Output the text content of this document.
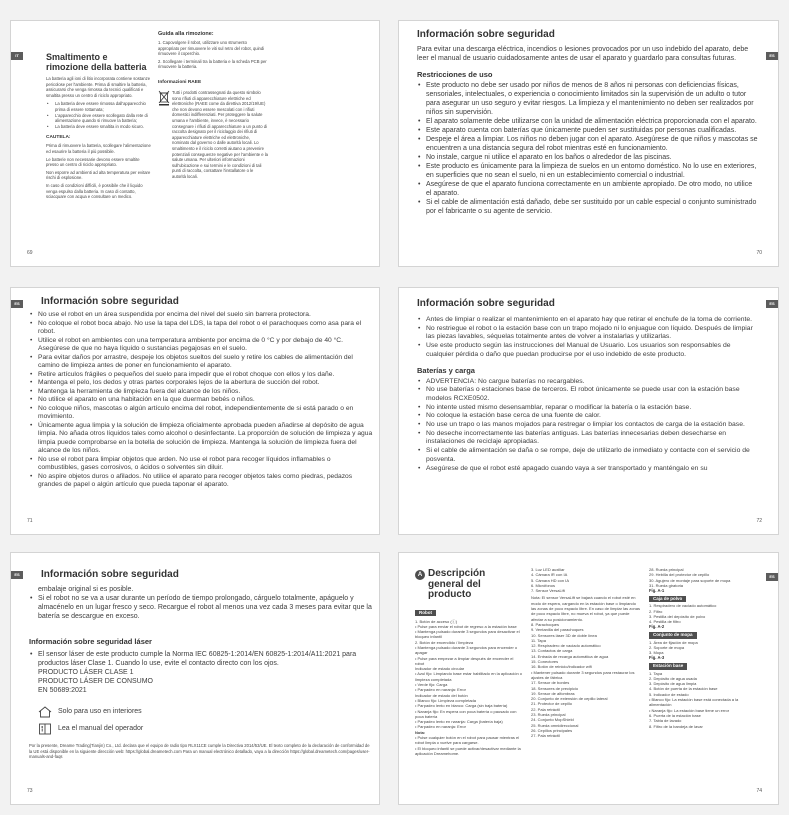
IT	Smaltimento e rimozione della batteria
La batteria agli ioni di litio incorporata contiene sostanze pericolose per l'ambiente. Prima di smaltire la batteria, assicurarsi che venga rimossa da tecnici qualificati e smaltita presso un centro di riciclo appropriato.
• La batteria deve essere rimossa dall'apparecchio prima di essere rottamata;
• L'apparecchio deve essere scollegato dalla rete di alimentazione quando si rimuove la batteria;
• La batteria deve essere smaltita in modo sicuro.
CAUTELA:
Prima di rimuovere la batteria, scollegare l'alimentazione ed esaurire la batteria il più possibile.
Le batterie non necessarie devono essere smaltite presso un centro di riciclo appropriato.
Non esporre ad ambienti ad alta temperatura per evitare rischi di esplosione.
In caso di condizioni difficili, è possibile che il liquido venga espulso dalla batteria. In caso di contatto, sciacquare con acqua e consultare un medico.
Guida alla rimozione:
1. Capovolgere il robot, utilizzare uno strumento appropriato per rimuovere le viti sul retro del robot, quindi rimuovere il coperchio.
2. Scollegare i terminali tra la batteria e la scheda PCB per rimuovere la batteria.
Informazioni RAEE
Tutti i prodotti contrassegnati da questo simbolo sono rifiuti di apparecchiature elettriche ed elettroniche (RAEE come da direttiva 2012/19/UE) che non devono essere mescolati con i rifiuti domestici indifferenziati. Per proteggere la salute umana e l'ambiente, invece, è necessario consegnare i rifiuti di apparecchiature a un punto di raccolta designato per il riciclaggio dei rifiuti di apparecchiature elettriche ed elettroniche, nominato dal governo o dalle autorità locali. Lo smaltimento e il riciclo corretti aiutano a prevenire potenziali conseguenze negative per l'ambiente e la salute umana. Per ulteriori informazioni sull'ubicazione e sui termini e le condizioni di tali punti di raccolta, contattare l'installatore o le autorità locali.
69
ES
Información sobre seguridad
Para evitar una descarga eléctrica, incendios o lesiones provocados por un uso indebido del aparato, debe leer el manual de usuario cuidadosamente antes de usar el aparato y guardarlo para consultas futuras.
Restricciones de uso
• Este producto no debe ser usado por niños de menos de 8 años ni personas con deficiencias físicas, sensoriales, intelectuales, o experiencia o conocimiento limitados sin la supervisión de un adulto o tutor para asegurar un uso seguro y evitar riesgos. La limpieza y el mantenimiento no deben ser realizados por niños sin supervisión.
• El aparato solamente debe utilizarse con la unidad de alimentación eléctrica proporcionada con el aparato.
• Este aparato cuenta con baterías que únicamente pueden ser sustituidas por personas cualificadas.
• Despeje el área a limpiar. Los niños no deben jugar con el aparato. Asegúrese de que niños y mascotas se encuentren a una distancia segura del robot mientras esté en funcionamiento.
• No instale, cargue ni utilice el aparato en los baños o alrededor de las piscinas.
• Este producto es únicamente para la limpieza de suelos en un entorno doméstico. No lo use en exteriores, en superficies que no sean el suelo, ni en un establecimiento comercial o industrial.
• Asegúrese de que el aparato funciona correctamente en un ambiente apropiado. De otro modo, no utilice el aparato.
• Si el cable de alimentación está dañado, debe ser sustituido por un cable especial o conjunto suministrado por el fabricante o su agente de servicio.
70
ES	Información sobre seguridad
• No use el robot en un área suspendida por encima del nivel del suelo sin barrera protectora.
• No coloque el robot boca abajo. No use la tapa del LDS, la tapa del robot o el parachoques como asa para el robot.
• Utilice el robot en ambientes con una temperatura ambiente por encima de 0 °C y por debajo de 40 °C. Asegúrese de que no haya líquido o sustancias pegajosas en el suelo.
• Para evitar daños por arrastre, despeje los objetos sueltos del suelo y retire los cables de alimentación del camino de limpieza antes de poner en funcionamiento el aparato.
• Retire artículos frágiles o pequeños del suelo para impedir que el robot choque con ellos y los dañe.
• Mantenga el pelo, los dedos y otras partes corporales lejos de la abertura de succión del robot.
• Mantenga la herramienta de limpieza fuera del alcance de los niños.
• No utilice el aparato en una habitación en la que duerman bebés o niños.
• No coloque niños, mascotas o algún artículo encima del robot, independientemente de si está parado o en movimiento.
• Únicamente agua limpia y la solución de limpieza oficialmente aprobada pueden añadirse al depósito de agua limpia. No añada otros líquidos tales como alcohol o desinfectante. La proporción de solución de limpieza y agua limpia puede comprobarse en la botella de solución de limpieza. Mantenga la solución de limpieza fuera del alcance de los niños.
• No use el robot para limpiar objetos que arden. No use el robot para recoger líquidos inflamables o combustibles, gases corrosivos, o ácidos o solventes sin diluir.
• No aspire objetos duros o afilados. No utilice el aparato para recoger objetos tales como piedras, pedazos grandes de papel o algún artículo que pueda taponar el aparato.
71
ES
Información sobre seguridad
• Antes de limpiar o realizar el mantenimiento en el aparato hay que retirar el enchufe de la toma de corriente.
• No restriegue el robot o la estación base con un trapo mojado ni lo enjuague con líquido. Después de limpiar las piezas lavables, séquelas totalmente antes de volver a instalarlas y utilizarlas.
• Use este producto según las instrucciones del Manual de Usuario. Los usuarios son responsables de cualquier pérdida o daño que puedan producirse por el uso indebido de este producto.
Baterías y carga
• ADVERTENCIA: No cargue baterías no recargables.
• No use baterías o estaciones base de terceros. El robot únicamente se puede usar con la estación base modelos RCXE0502.
• No intente usted mismo desensamblar, reparar o modificar la batería o la estación base.
• No coloque la estación base cerca de una fuente de calor.
• No use un trapo o las manos mojados para restregar o limpiar los contactos de carga de la estación base.
• No deseche incorrectamente las baterías antiguas. Las baterías innecesarias deben desecharse en instalaciones de reciclaje apropiadas.
• Si el cable de alimentación se daña o se rompe, deje de utilizarlo de inmediato y contacte con el servicio de posventa.
• Asegúrese de que el robot esté apagado cuando vaya a ser transportado y manténgalo en su
72
ES	Información sobre seguridad
embalaje original si es posible.
• Si el robot no se va a usar durante un período de tiempo prolongado, cárguelo totalmente, apáguelo y almacénelo en un lugar fresco y seco. Recargue el robot al menos una vez cada 3 meses para evitar que la batería se descargue en exceso.
Información sobre seguridad láser
• El sensor láser de este producto cumple la Norma IEC 60825-1:2014/EN 60825-1:2014/A11:2021 para productos láser Clase 1. Cuando lo use, evite el contacto directo con los ojos.
PRODUCTO LÁSER CLASE 1
PRODUCTO LÁSER DE CONSUMO
EN 50689:2021
Solo para uso en interiores
Lea el manual del operador
Por la presente, Dreame Trading(Tianjin) Co., Ltd. declara que el equipo de radio tipo RLX11CE cumple la Directiva 2014/53/UE. El texto completo de la declaración de conformidad de la UE está disponible en la siguiente dirección web: https://global.dreametech.com Para un manual electrónico detallado, vaya a la dirección https://global.dreametech.com/pages/user-manuals-and-faqs
73
ES
A Descripción general del producto
Robot
1. Botón de acceso (ⓘ)
• Pulse para enviar el robot de regreso a la estación base
• Mantenga pulsado durante 3 segundos para desactivar el bloqueo infantil
2. Botón de encendido / limpieza
• Mantenga pulsado durante 3 segundos para encender o apagar
• Pulse para empezar a limpiar después de encender el robot
Indicador de estado circular
• Azul fijo: Limpiando base estar habilitado en la aplicación o limpieza completada
• Verde fijo: Carga
• Parpadeo en naranja: Error
Indicador de estado del botón
• Blanco fijo: Limpieza completada
• Parpadeo lento en blanco: Carga (sin baja batería)
• Naranja fijo: En espera con poca batería o pausado con poca batería
• Parpadeo lento en naranja: Carga (batería baja)
• Parpadeo en naranja: Error
Nota:
• Pulse cualquier botón en el robot para pausar mientras el robot limpia o vuelve para cargarse.
• El bloqueo infantil se puede activar/desactivar mediante la aplicación Dreamehome.
3. Luz LED auxiliar
4. Cámara IR con IA
5. Cámara HD con IA
6. Micrófonos
7. Sensor VersaLift
Nota: El sensor VersaLift se bajará cuando el robot esté en modo de espera, cargando en la estación base o limpiando las zonas de poco espacio libre. En caso de limpiar las zonas de poco espacio libre, no mueva el robot, ya que puede afectar a su posicionamiento.
8. Parachoques
9. Ventanilla del parachoques
10. Sensores láser 3D de doble línea
11. Tapa
12. Respiradero de vaciado automático
13. Contactos de carga
14. Entrada de recarga automática de agua
15. Conectores
16. Botón de reinicio/indicador wifi
• Mantener pulsado durante 3 segundos para restaurar los ajustes de fábrica
17. Sensor de bordes
18. Sensores de precipicio
19. Sensor de alfombras
20. Conjunto de extensión de cepillo lateral
21. Protector de cepillo
22. Pala retráctil
23. Rueda principal
24. Conjunto MopShield
25. Rueda omnidireccional
26. Cepillos principales
27. Pala retráctil
28. Rueda principal
29. Hebilla del protector de cepillo
30. Agujero de montaje para soporte de mopa
31. Rueda giratoria
Fig. A-1
Caja de polvo
1. Respiradero de vaciado automático
2. Filtro
3. Pestilla del depósito de polvo
4. Pestilla de filtro
Fig. A-2
Conjunto de mopa
1. Área de fijación de mopa
2. Soporte de mopa
3. Mopa
Fig. A-3
Estación base
1. Tapa
2. Depósito de agua usada
3. Depósito de agua limpia
4. Botón de puerta de la estación base
5. Indicador de estado
• Blanco fijo: La estación base está conectada a la alimentación
• Naranja fijo: La estación base tiene un error
6. Puerta de la estación base
7. Tabla de lavado
8. Filtro de la bandeja de lavar
74
